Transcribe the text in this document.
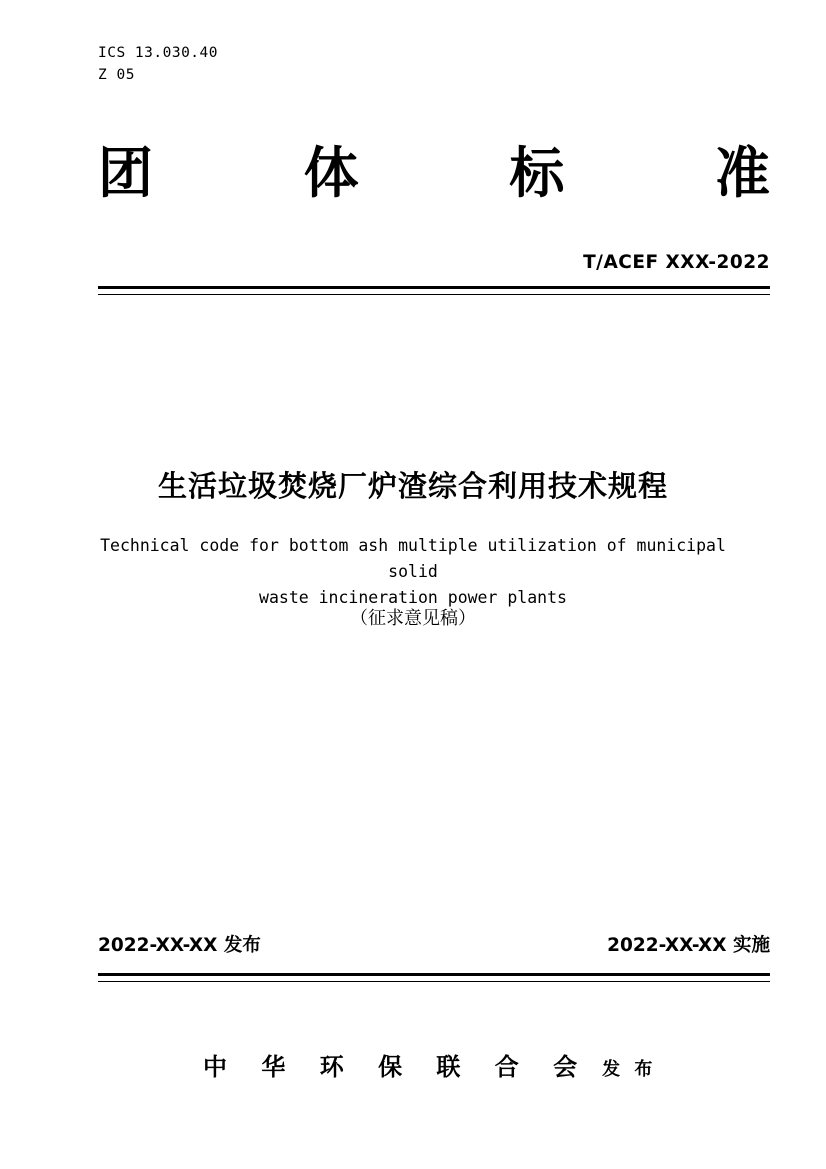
ICS 13.030.40
Z 05
团	体	标	准
T/ACEF XXX-2022
生活垃圾焚烧厂炉渣综合利用技术规程
Technical code for bottom ash multiple utilization of municipal solid
waste incineration power plants
（征求意见稿）
2022-XX-XX 发布	2022-XX-XX 实施

中 华 环 保 联 合 会 发 布
